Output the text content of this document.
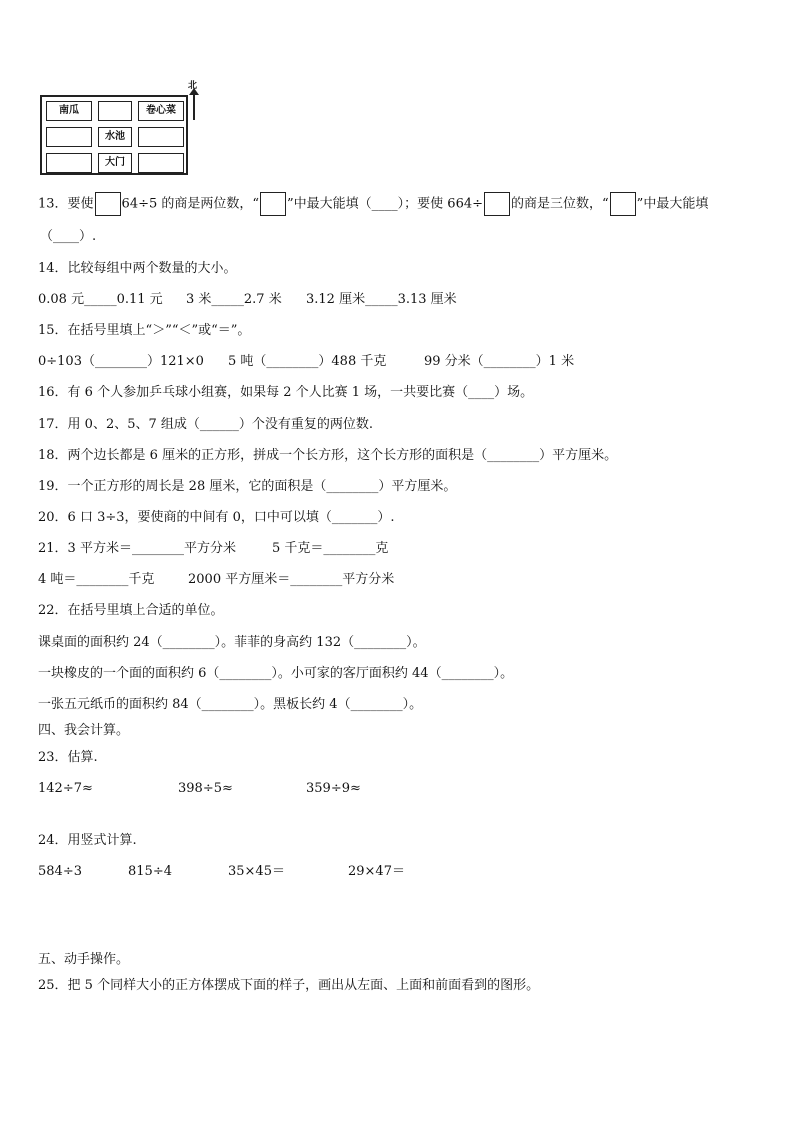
南瓜	卷心菜
水池
大门
北
13．要使 64÷5 的商是两位数，“ ”中最大能填（____）；要使 664÷ 的商是三位数，“ ”中最大能填
（____）.
14．比较每组中两个数量的大小。
0.08 元_____0.11 元 3 米_____2.7 米 3.12 厘米_____3.13 厘米
15．在括号里填上“＞”“＜”或“＝”。
0÷103（________）121×0 5 吨（________）488 千克	99 分米（________）1 米
16．有 6 个人参加乒乓球小组赛，如果每 2 个人比赛 1 场，一共要比赛（____）场。
17．用 0、2、5、7 组成（______）个没有重复的两位数.
18．两个边长都是 6 厘米的正方形，拼成一个长方形，这个长方形的面积是（________）平方厘米。
19．一个正方形的周长是 28 厘米，它的面积是（________）平方厘米。
20．6 口 3÷3，要使商的中间有 0，口中可以填（_______）.
21．3 平方米＝________平方分米	5 千克＝________克
4 吨＝________千克	2000 平方厘米＝________平方分米
22．在括号里填上合适的单位。
课桌面的面积约 24（________）。菲菲的身高约 132（________）。
一块橡皮的一个面的面积约 6（________）。小可家的客厅面积约 44（________）。
一张五元纸币的面积约 84（________）。黑板长约 4（________）。
四、我会计算。
23．估算.
142÷7≈	398÷5≈	359÷9≈
24．用竖式计算.
584÷3	815÷4	35×45＝	29×47＝
五、动手操作。
25．把 5 个同样大小的正方体摆成下面的样子，画出从左面、上面和前面看到的图形。
